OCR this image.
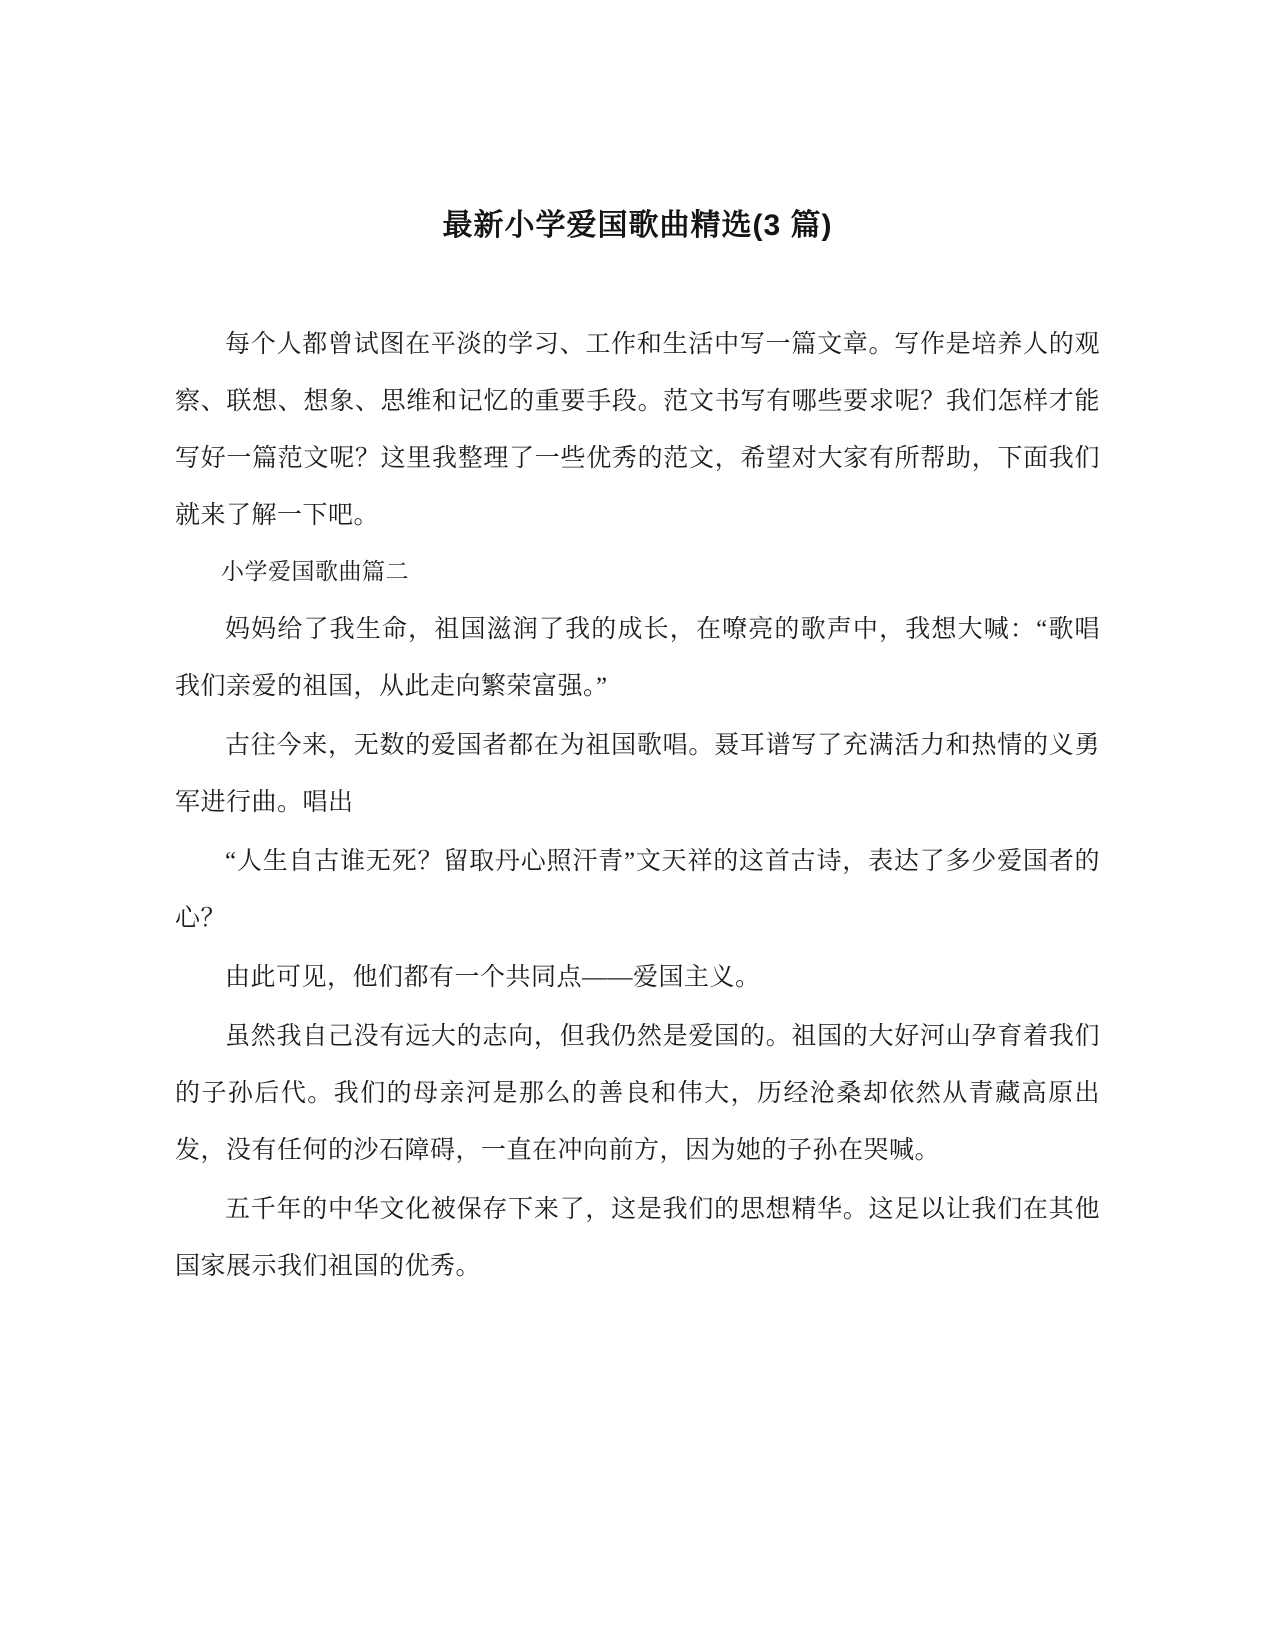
最新小学爱国歌曲精选(3 篇)

每个人都曾试图在平淡的学习、工作和生活中写一篇文章。写作是培养人的观察、联想、想象、思维和记忆的重要手段。范文书写有哪些要求呢？我们怎样才能写好一篇范文呢？这里我整理了一些优秀的范文，希望对大家有所帮助，下面我们就来了解一下吧。

小学爱国歌曲篇二

妈妈给了我生命，祖国滋润了我的成长，在嘹亮的歌声中，我想大喊：“歌唱我们亲爱的祖国，从此走向繁荣富强。”

古往今来，无数的爱国者都在为祖国歌唱。聂耳谱写了充满活力和热情的义勇军进行曲。唱出

“人生自古谁无死？留取丹心照汗青”文天祥的这首古诗，表达了多少爱国者的心？

由此可见，他们都有一个共同点——爱国主义。

虽然我自己没有远大的志向，但我仍然是爱国的。祖国的大好河山孕育着我们的子孙后代。我们的母亲河是那么的善良和伟大，历经沧桑却依然从青藏高原出发，没有任何的沙石障碍，一直在冲向前方，因为她的子孙在哭喊。

五千年的中华文化被保存下来了，这是我们的思想精华。这足以让我们在其他国家展示我们祖国的优秀。
